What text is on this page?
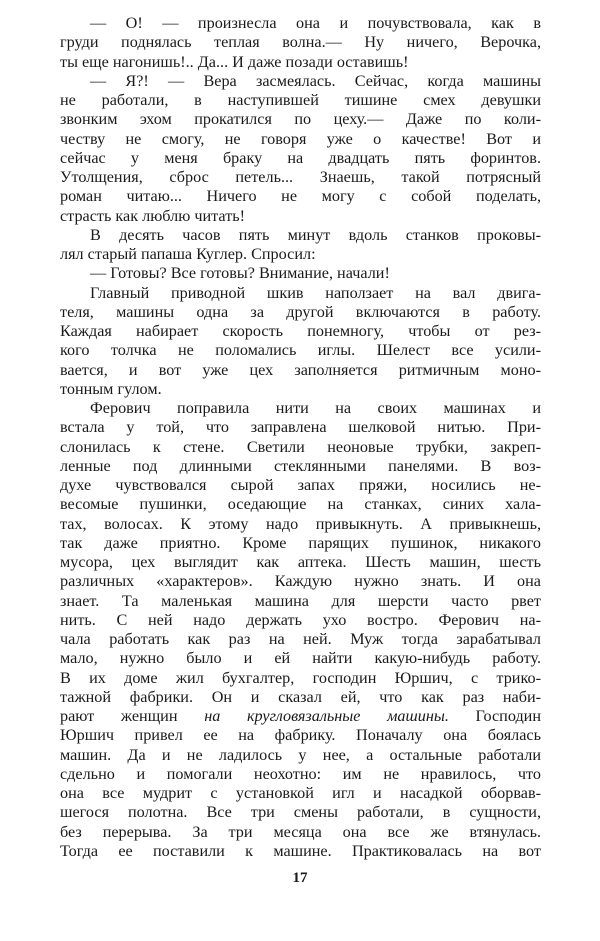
— О! — произнесла она и почувствовала, как в
груди поднялась теплая волна.— Ну ничего, Верочка,
ты еще нагонишь!.. Да... И даже позади оставишь!
— Я?! — Вера засмеялась. Сейчас, когда машины
не работали, в наступившей тишине смех девушки
звонким эхом прокатился по цеху.— Даже по коли-
честву не смогу, не говоря уже о качестве! Вот и
сейчас у меня браку на двадцать пять форинтов.
Утолщения, сброс петель... Знаешь, такой потрясный
роман читаю... Ничего не могу с собой поделать,
страсть как люблю читать!
В десять часов пять минут вдоль станков проковы-
лял старый папаша Куглер. Спросил:
— Готовы? Все готовы? Внимание, начали!
Главный приводной шкив наползает на вал двига-
теля, машины одна за другой включаются в работу.
Каждая набирает скорость понемногу, чтобы от рез-
кого толчка не поломались иглы. Шелест все усили-
вается, и вот уже цех заполняется ритмичным моно-
тонным гулом.
Ферович поправила нити на своих машинах и
встала у той, что заправлена шелковой нитью. При-
слонилась к стене. Светили неоновые трубки, закреп-
ленные под длинными стеклянными панелями. В воз-
духе чувствовался сырой запах пряжи, носились не-
весомые пушинки, оседающие на станках, синих хала-
тах, волосах. К этому надо привыкнуть. А привыкнешь,
так даже приятно. Кроме парящих пушинок, никакого
мусора, цех выглядит как аптека. Шесть машин, шесть
различных «характеров». Каждую нужно знать. И она
знает. Та маленькая машина для шерсти часто рвет
нить. С ней надо держать ухо востро. Ферович на-
чала работать как раз на ней. Муж тогда зарабатывал
мало, нужно было и ей найти какую-нибудь работу.
В их доме жил бухгалтер, господин Юршич, с трико-
тажной фабрики. Он и сказал ей, что как раз наби-
рают женщин на кругловязальные машины. Господин
Юршич привел ее на фабрику. Поначалу она боялась
машин. Да и не ладилось у нее, а остальные работали
сдельно и помогали неохотно: им не нравилось, что
она все мудрит с установкой игл и насадкой оборвав-
шегося полотна. Все три смены работали, в сущности,
без перерыва. За три месяца она все же втянулась.
Тогда ее поставили к машине. Практиковалась на вот
17
